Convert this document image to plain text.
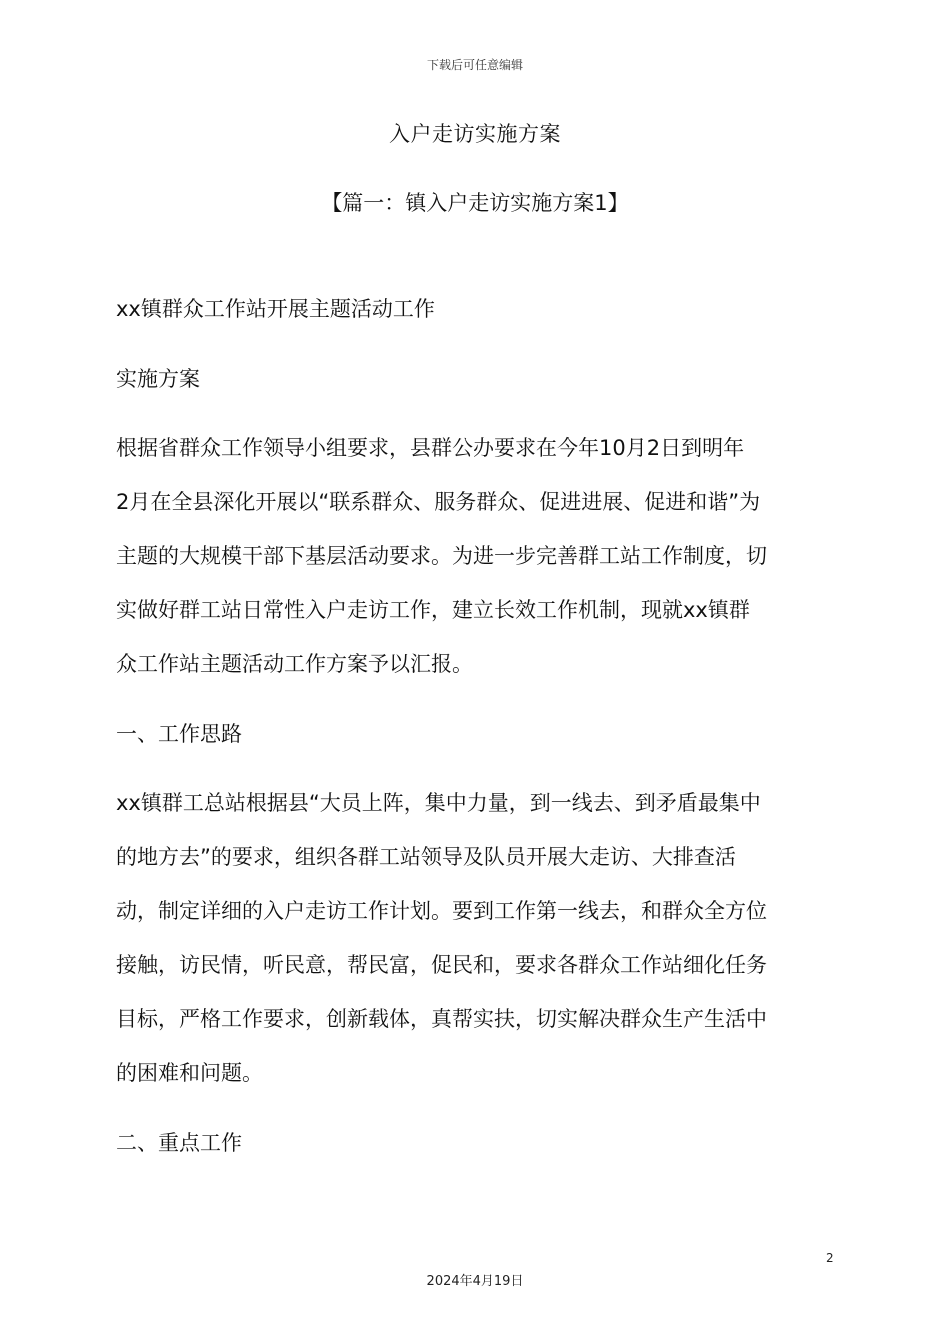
下载后可任意编辑
入户走访实施方案
【篇一：镇入户走访实施方案1】
xx镇群众工作站开展主题活动工作
实施方案
根据省群众工作领导小组要求，县群公办要求在今年10月2日到明年
2月在全县深化开展以“联系群众、服务群众、促进进展、促进和谐”为
主题的大规模干部下基层活动要求。为进一步完善群工站工作制度，切
实做好群工站日常性入户走访工作，建立长效工作机制，现就xx镇群
众工作站主题活动工作方案予以汇报。
一、工作思路
xx镇群工总站根据县“大员上阵，集中力量，到一线去、到矛盾最集中
的地方去”的要求，组织各群工站领导及队员开展大走访、大排查活
动，制定详细的入户走访工作计划。要到工作第一线去，和群众全方位
接触，访民情，听民意，帮民富，促民和，要求各群众工作站细化任务
目标，严格工作要求，创新载体，真帮实扶，切实解决群众生产生活中
的困难和问题。
二、重点工作
2
2024年4月19日
